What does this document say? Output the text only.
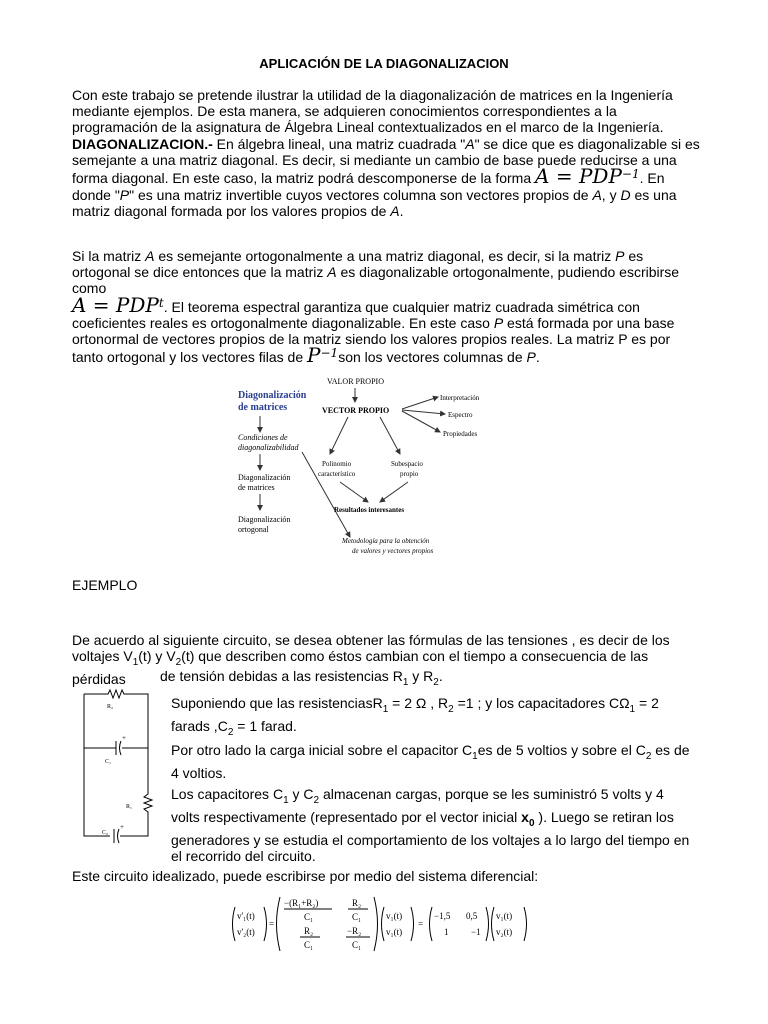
APLICACIÓN DE LA DIAGONALIZACION
Con este trabajo se pretende ilustrar la utilidad de la diagonalización de matrices en la Ingeniería mediante ejemplos. De esta manera, se adquieren conocimientos correspondientes a la programación de la asignatura de Álgebra Lineal contextualizados en el marco de la Ingeniería.
DIAGONALIZACION.- En álgebra lineal, una matriz cuadrada "A" se dice que es diagonalizable si es semejante a una matriz diagonal. Es decir, si mediante un cambio de base puede reducirse a una forma diagonal. En este caso, la matriz podrá descomponerse de la forma $A = PDP^{-1}$. En donde "P" es una matriz invertible cuyos vectores columna son vectores propios de A, y D es una matriz diagonal formada por los valores propios de A.
Si la matriz A es semejante ortogonalmente a una matriz diagonal, es decir, si la matriz P es ortogonal se dice entonces que la matriz A es diagonalizable ortogonalmente, pudiendo escribirse como
$A = PDP^t$. El teorema espectral garantiza que cualquier matriz cuadrada simétrica con coeficientes reales es ortogonalmente diagonalizable. En este caso P está formada por una base ortonormal de vectores propios de la matriz siendo los valores propios reales. La matriz P es por tanto ortogonal y los vectores filas de $P^{-1}son$ los vectores columnas de P.
Diagonalización
de matrices
Condiciones de
diagonalizabilidad
Diagonalización
de matrices
Diagonalización
ortogonal
VALOR PROPIO
VECTOR PROPIO
Interpretación
Espectro
Propiedades
Polinomio
característico
Subespacio
propio
Resultados interesantes
Metodología para la obtención
de valores y vectores propios
EJEMPLO
De acuerdo al siguiente circuito, se desea obtener las fórmulas de las tensiones , es decir de los voltajes $V_1(t)$ y $V_2(t)$ que describen como éstos cambian con el tiempo a consecuencia de las pérdidas	de tensión debidas a las resistencias $R_1$ y $R_2$.
R₂
C₁
R₁
C₂
+
+
Suponiendo que las resistenciasR$_1$ = 2 Ω , $R_2 =1$ ; y los capacitadores $C\Omega_1 = 2$ farads $,C_2 = 1$ farad.
Por otro lado la carga inicial sobre el capacitor $C_1es$ de 5 voltios y sobre el $C_2$ es de 4 voltios.
Los capacitores $C_1$ y $C_2$ almacenan cargas, porque se les suministró 5 volts y 4 volts respectivamente (representado por el vector inicial $x_0$ ). Luego se retiran los generadores y se estudia el comportamiento de los voltajes a lo largo del tiempo en el recorrido del circuito.
Este circuito idealizado, puede escribirse por medio del sistema diferencial:
v'₁(t)
v'₂(t)
=
−(R₁+R₂)
C₁
R₂
C₁
R₂
C₁
−R₂
C₁
v₁(t)
v₁(t)
=
−1,5 0,5
1	−1
v₁(t)
v₂(t)
